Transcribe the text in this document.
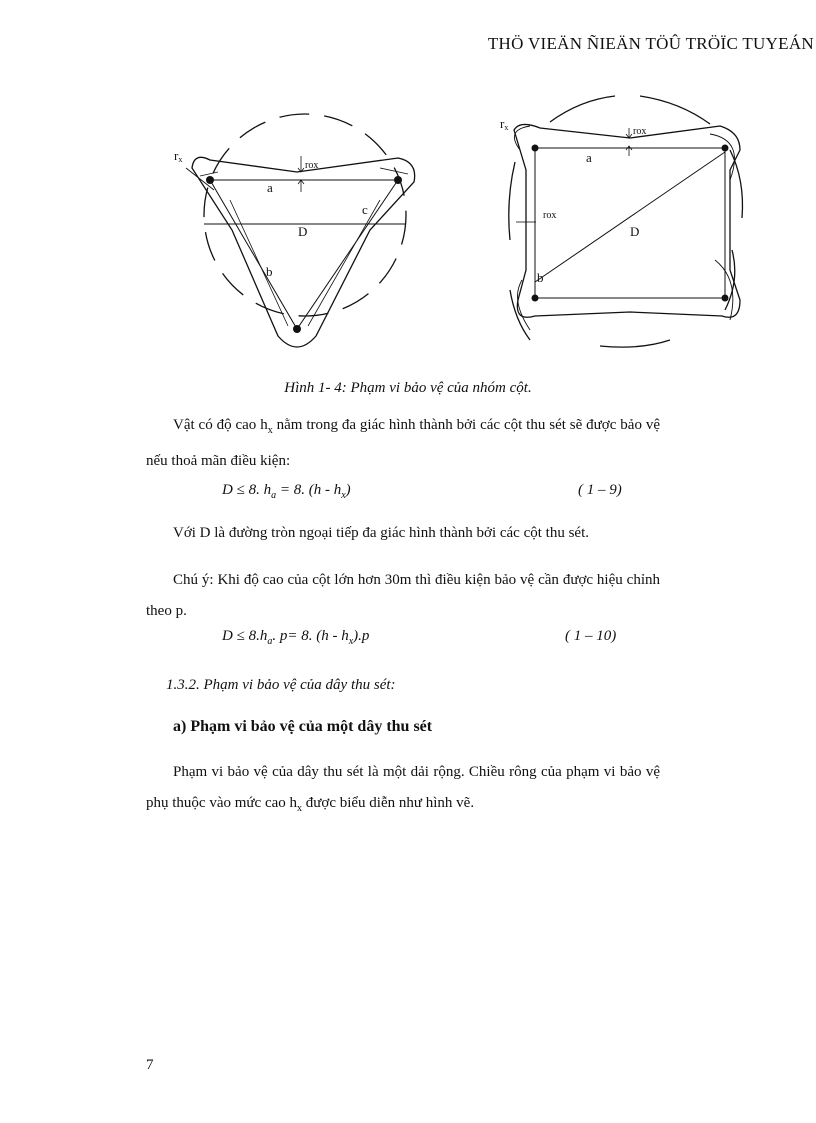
THÖ VIEÄN ÑIEÄN TÖÛ TRÖÏC TUYEÁN
rx
rox
a
c
D
b
rx	rox
a
rox
D
b
Hình 1- 4: Phạm vi bảo vệ của nhóm cột.
Vật có độ cao $h_x$ nằm trong đa giác hình thành bởi các cột thu sét sẽ được bảo vệ nếu thoả mãn điều kiện:
D ≤ 8. $h_a = 8$. $(h - h_x)$	( 1 – 9)
Với D là đường tròn ngoại tiếp đa giác hình thành bởi các cột thu sét.
Chú ý: Khi độ cao của cột lớn hơn 30m thì điều kiện bảo vệ cần được hiệu chỉnh theo p.
$D \le 8.h_a$. p= 8. $(h - h_x).p$	( 1 – 10)
1.3.2. Phạm vi bảo vệ của dây thu sét:
a) Phạm vi bảo vệ của một dây thu sét
Phạm vi bảo vệ của dây thu sét là một dải rộng. Chiều rông của phạm vi bảo vệ phụ thuộc vào mức cao $h_x$ được biểu diễn như hình vẽ.
7
